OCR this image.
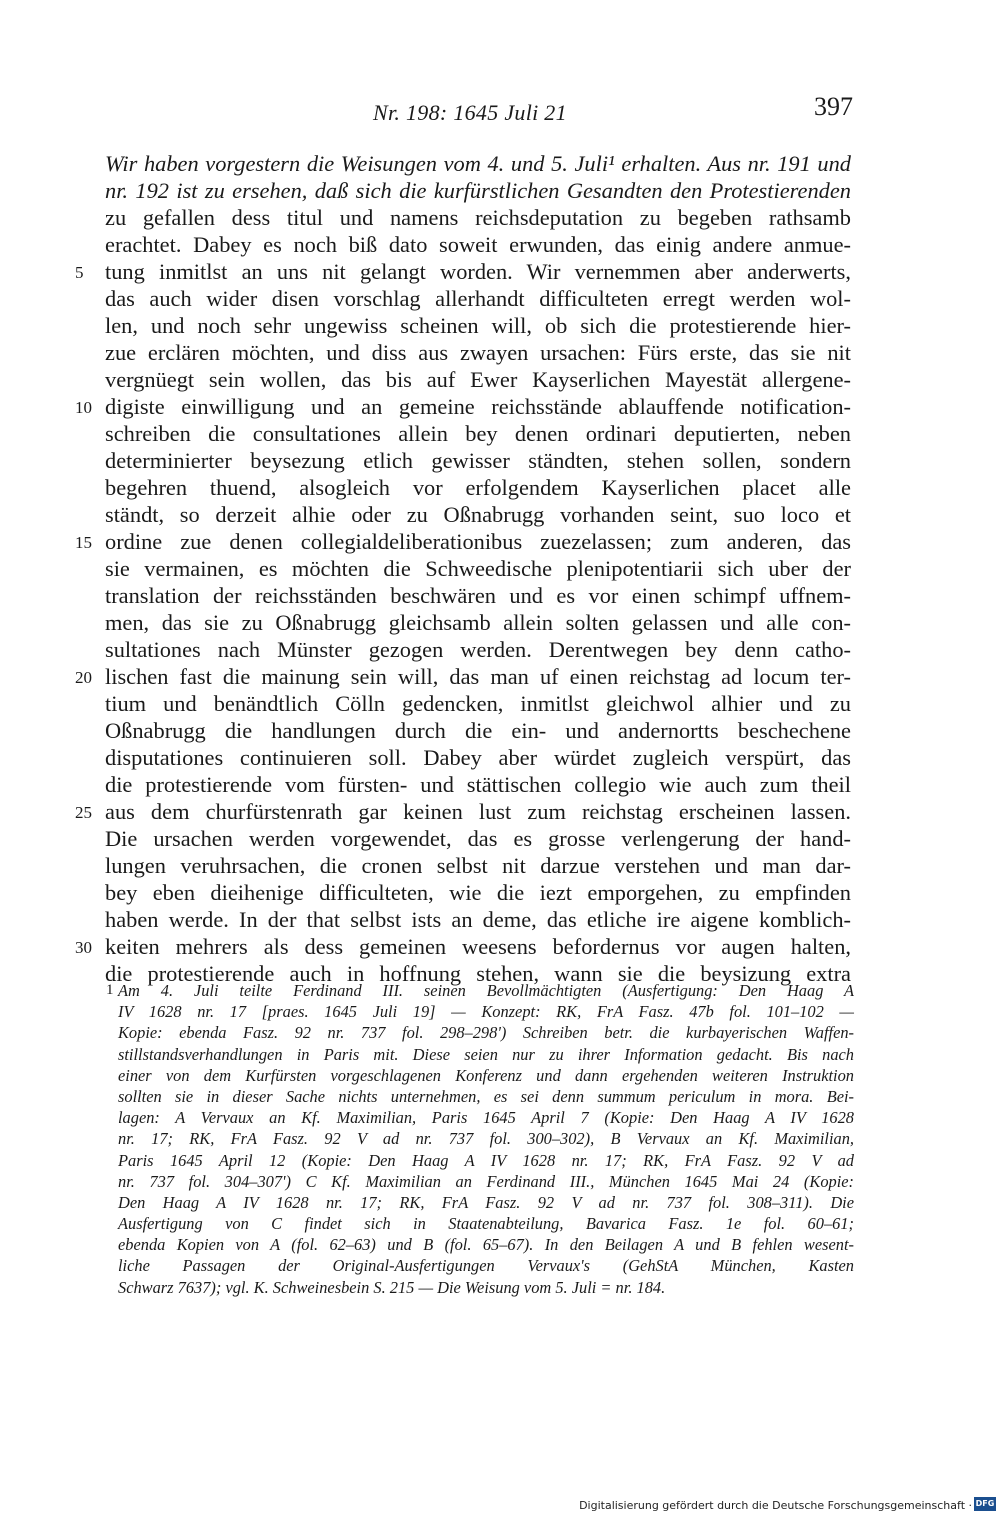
Nr. 198: 1645 Juli 21	397
Wir haben vorgestern die Weisungen vom 4. und 5. Juli¹ erhalten. Aus nr. 191 und
nr. 192 ist zu ersehen, daß sich die kurfürstlichen Gesandten den Protestierenden
zu gefallen dess titul und namens reichsdeputation zu begeben rathsamb
erachtet. Dabey es noch biß dato soweit erwunden, das einig andere anmue-
5 tung inmitlst an uns nit gelangt worden. Wir vernemmen aber anderwerts,
das auch wider disen vorschlag allerhandt difficulteten erregt werden wol-
len, und noch sehr ungewiss scheinen will, ob sich die protestierende hier-
zue erclären möchten, und diss aus zwayen ursachen: Fürs erste, das sie nit
vergnüegt sein wollen, das bis auf Ewer Kayserlichen Mayestät allergene-
10 digiste einwilligung und an gemeine reichsstände ablauffende notification-
schreiben die consultationes allein bey denen ordinari deputierten, neben
determinierter beysezung etlich gewisser ständten, stehen sollen, sondern
begehren thuend, alsogleich vor erfolgendem Kayserlichen placet alle
ständt, so derzeit alhie oder zu Oßnabrugg vorhanden seint, suo loco et
15 ordine zue denen collegialdeliberationibus zuezelassen; zum anderen, das
sie vermainen, es möchten die Schweedische plenipotentiarii sich uber der
translation der reichsständen beschwären und es vor einen schimpf uffnem-
men, das sie zu Oßnabrugg gleichsamb allein solten gelassen und alle con-
sultationes nach Münster gezogen werden. Derentwegen bey denn catho-
20 lischen fast die mainung sein will, das man uf einen reichstag ad locum ter-
tium und benändtlich Cölln gedencken, inmitlst gleichwol alhier und zu
Oßnabrugg die handlungen durch die ein- und andernortts beschechene
disputationes continuieren soll. Dabey aber würdet zugleich verspürt, das
die protestierende vom fürsten- und stättischen collegio wie auch zum theil
25 aus dem churfürstenrath gar keinen lust zum reichstag erscheinen lassen.
Die ursachen werden vorgewendet, das es grosse verlengerung der hand-
lungen veruhrsachen, die cronen selbst nit darzue verstehen und man dar-
bey eben dieihenige difficulteten, wie die iezt emporgehen, zu empfinden
haben werde. In der that selbst ists an deme, das etliche ire aigene komblich-
30 keiten mehrers als dess gemeinen weesens befordernus vor augen halten,
die protestierende auch in hoffnung stehen, wann sie die beysizung extra
1 Am 4. Juli teilte Ferdinand III. seinen Bevollmächtigten (Ausfertigung: Den Haag A
IV 1628 nr. 17 [praes. 1645 Juli 19] — Konzept: RK, FrA Fasz. 47b fol. 101–102 —
Kopie: ebenda Fasz. 92 nr. 737 fol. 298–298') Schreiben betr. die kurbayerischen Waffen-
stillstandsverhandlungen in Paris mit. Diese seien nur zu ihrer Information gedacht. Bis nach
einer von dem Kurfürsten vorgeschlagenen Konferenz und dann ergehenden weiteren Instruktion
sollten sie in dieser Sache nichts unternehmen, es sei denn summum periculum in mora. Bei-
lagen: A Vervaux an Kf. Maximilian, Paris 1645 April 7 (Kopie: Den Haag A IV 1628
nr. 17; RK, FrA Fasz. 92 V ad nr. 737 fol. 300–302), B Vervaux an Kf. Maximilian,
Paris 1645 April 12 (Kopie: Den Haag A IV 1628 nr. 17; RK, FrA Fasz. 92 V ad
nr. 737 fol. 304–307') C Kf. Maximilian an Ferdinand III., München 1645 Mai 24 (Kopie:
Den Haag A IV 1628 nr. 17; RK, FrA Fasz. 92 V ad nr. 737 fol. 308–311). Die
Ausfertigung von C findet sich in Staatenabteilung, Bavarica Fasz. 1e fol. 60–61;
ebenda Kopien von A (fol. 62–63) und B (fol. 65–67). In den Beilagen A und B fehlen wesent-
liche Passagen der Original-Ausfertigungen Vervaux's (GehStA München, Kasten
Schwarz 7637); vgl. K. Schweinesbein S. 215 — Die Weisung vom 5. Juli = nr. 184.
Digitalisierung gefördert durch die Deutsche Forschungsgemeinschaft · DFG
